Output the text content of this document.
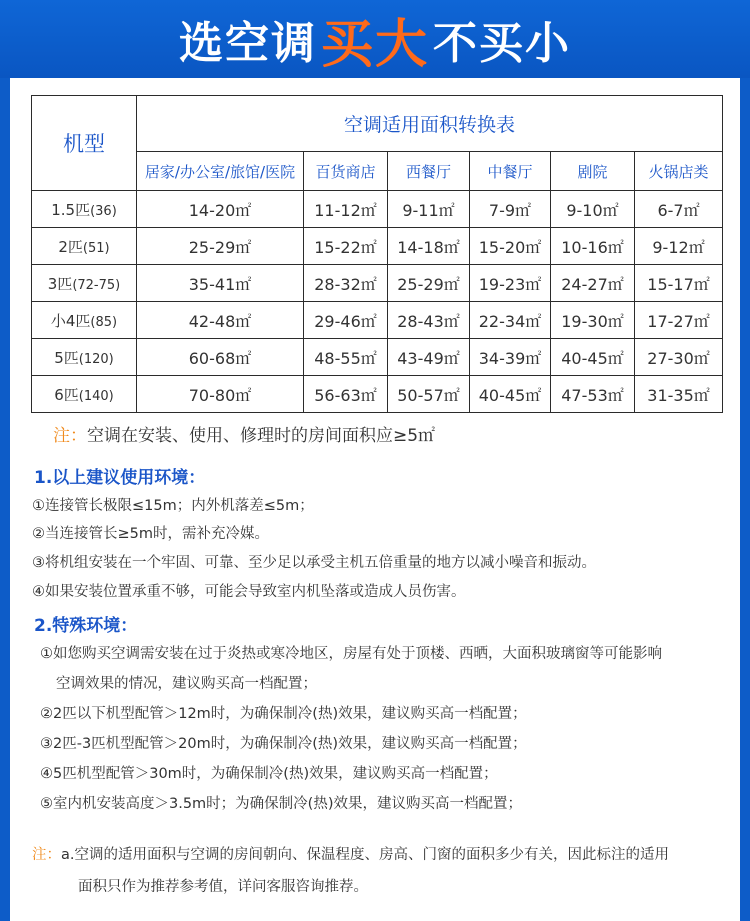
选空调 买大 不买小
机型	空调适用面积转换表					
	居家/办公室/旅馆/医院	百货商店	西餐厅	中餐厅	剧院	火锅店类
1.5匹(36)	14-20㎡	11-12㎡	9-11㎡	7-9㎡	9-10㎡	6-7㎡
2匹(51)	25-29㎡	15-22㎡	14-18㎡	15-20㎡	10-16㎡	9-12㎡
3匹(72-75)	35-41㎡	28-32㎡	25-29㎡	19-23㎡	24-27㎡	15-17㎡
小4匹(85)	42-48㎡	29-46㎡	28-43㎡	22-34㎡	19-30㎡	17-27㎡
5匹(120)	60-68㎡	48-55㎡	43-49㎡	34-39㎡	40-45㎡	27-30㎡
6匹(140)	70-80㎡	56-63㎡	50-57㎡	40-45㎡	47-53㎡	31-35㎡
注：空调在安装、使用、修理时的房间面积应≥5㎡
1.以上建议使用环境：
①连接管长极限≤15m；内外机落差≤5m；
②当连接管长≥5m时，需补充冷媒。
③将机组安装在一个牢固、可靠、至少足以承受主机五倍重量的地方以减小噪音和振动。
④如果安装位置承重不够，可能会导致室内机坠落或造成人员伤害。
2.特殊环境：
①如您购买空调需安装在过于炎热或寒冷地区，房屋有处于顶楼、西晒，大面积玻璃窗等可能影响
空调效果的情况，建议购买高一档配置；
②2匹以下机型配管＞12m时，为确保制冷(热)效果，建议购买高一档配置；
③2匹-3匹机型配管＞20m时，为确保制冷(热)效果，建议购买高一档配置；
④5匹机型配管＞30m时，为确保制冷(热)效果，建议购买高一档配置；
⑤室内机安装高度＞3.5m时；为确保制冷(热)效果，建议购买高一档配置；
注：a.空调的适用面积与空调的房间朝向、保温程度、房高、门窗的面积多少有关，因此标注的适用
面积只作为推荐参考值，详问客服咨询推荐。
